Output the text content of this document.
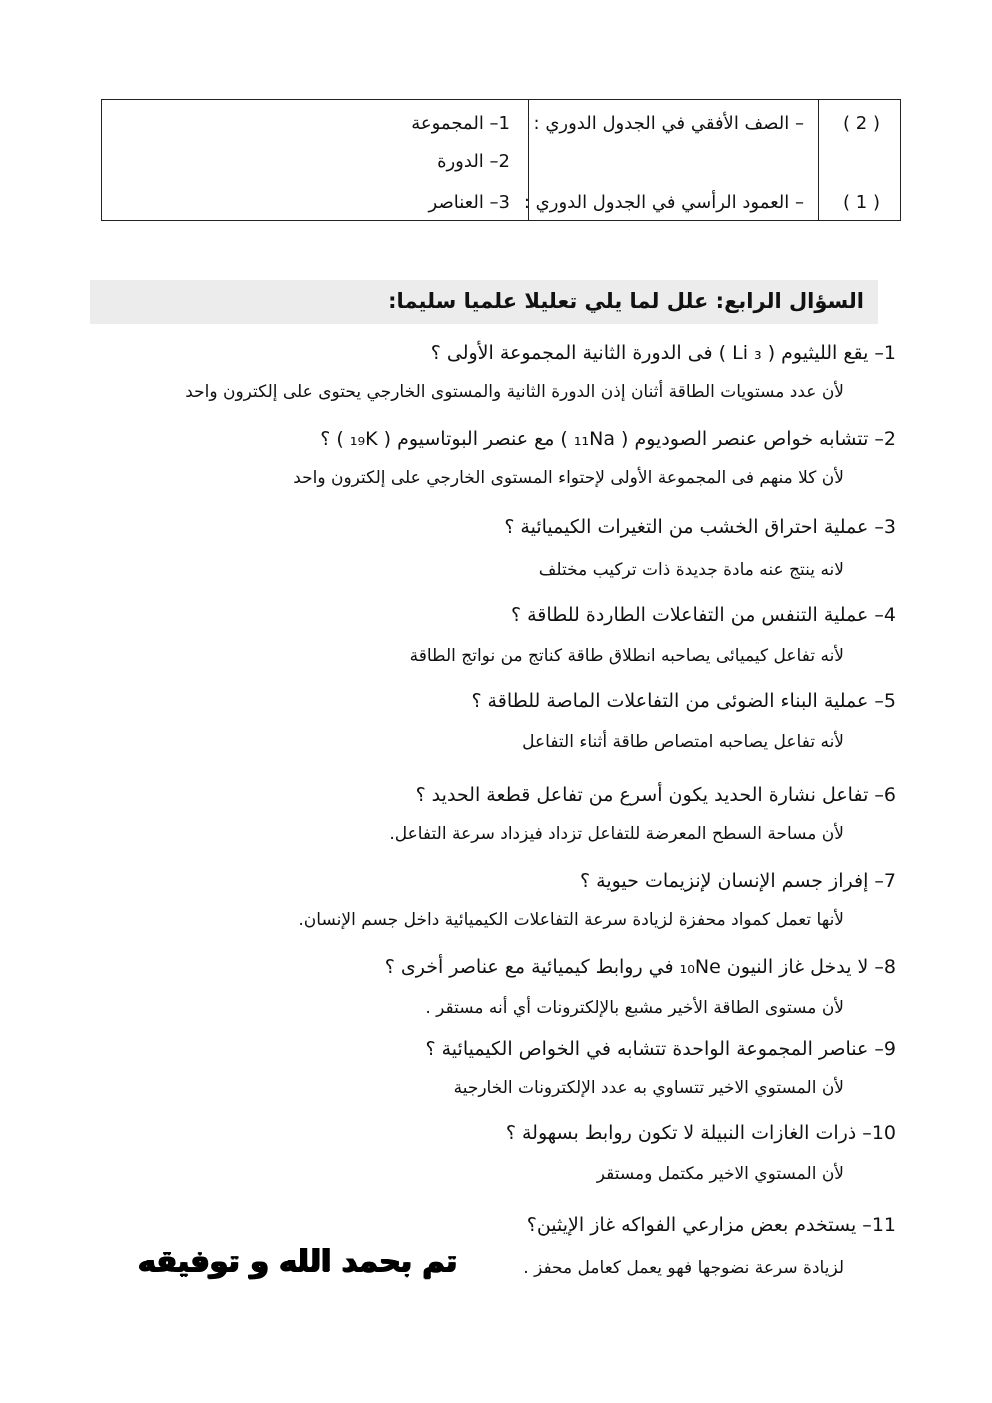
( 2 )
( 1 )
– الصف الأفقي في الجدول الدوري :
– العمود الرأسي في الجدول الدوري :
1– المجموعة
2– الدورة
3– العناصر
السؤال الرابع: علل لما يلي تعليلا علميا سليما:
1– يقع الليثيوم ( Li ₃ ) فى الدورة الثانية المجموعة الأولى ؟
لأن عدد مستويات الطاقة أثنان إذن الدورة الثانية والمستوى الخارجي يحتوى على إلكترون واحد
2– تتشابه خواص عنصر الصوديوم ( ₁₁Na ) مع عنصر البوتاسيوم ( ₁₉K ) ؟
لأن كلا منهم فى المجموعة الأولى لإحتواء المستوى الخارجي على إلكترون واحد
3– عملية احتراق الخشب من التغيرات الكيميائية ؟
لانه ينتج عنه مادة جديدة ذات تركيب مختلف
4– عملية التنفس من التفاعلات الطاردة للطاقة ؟
لأنه تفاعل كيميائى يصاحبه انطلاق طاقة كناتج من نواتج الطاقة
5– عملية البناء الضوئى من التفاعلات الماصة للطاقة ؟
لأنه تفاعل يصاحبه امتصاص طاقة أثناء التفاعل
6– تفاعل نشارة الحديد يكون أسرع من تفاعل قطعة الحديد ؟
لأن مساحة السطح المعرضة للتفاعل تزداد فيزداد سرعة التفاعل.
7– إفراز جسم الإنسان لإنزيمات حيوية ؟
لأنها تعمل كمواد محفزة لزيادة سرعة التفاعلات الكيميائية داخل جسم الإنسان.
8– لا يدخل غاز النيون ₁₀Ne في روابط كيميائية مع عناصر أخرى ؟
لأن مستوى الطاقة الأخير مشبع بالإلكترونات أي أنه مستقر .
9– عناصر المجموعة الواحدة تتشابه في الخواص الكيميائية ؟
لأن المستوي الاخير تتساوي به عدد الإلكترونات الخارجية
10– ذرات الغازات النبيلة لا تكون روابط بسهولة ؟
لأن المستوي الاخير مكتمل ومستقر
11– يستخدم بعض مزارعي الفواكه غاز الإيثين؟
لزيادة سرعة نضوجها فهو يعمل كعامل محفز .
تم بحمد الله و توفيقه
